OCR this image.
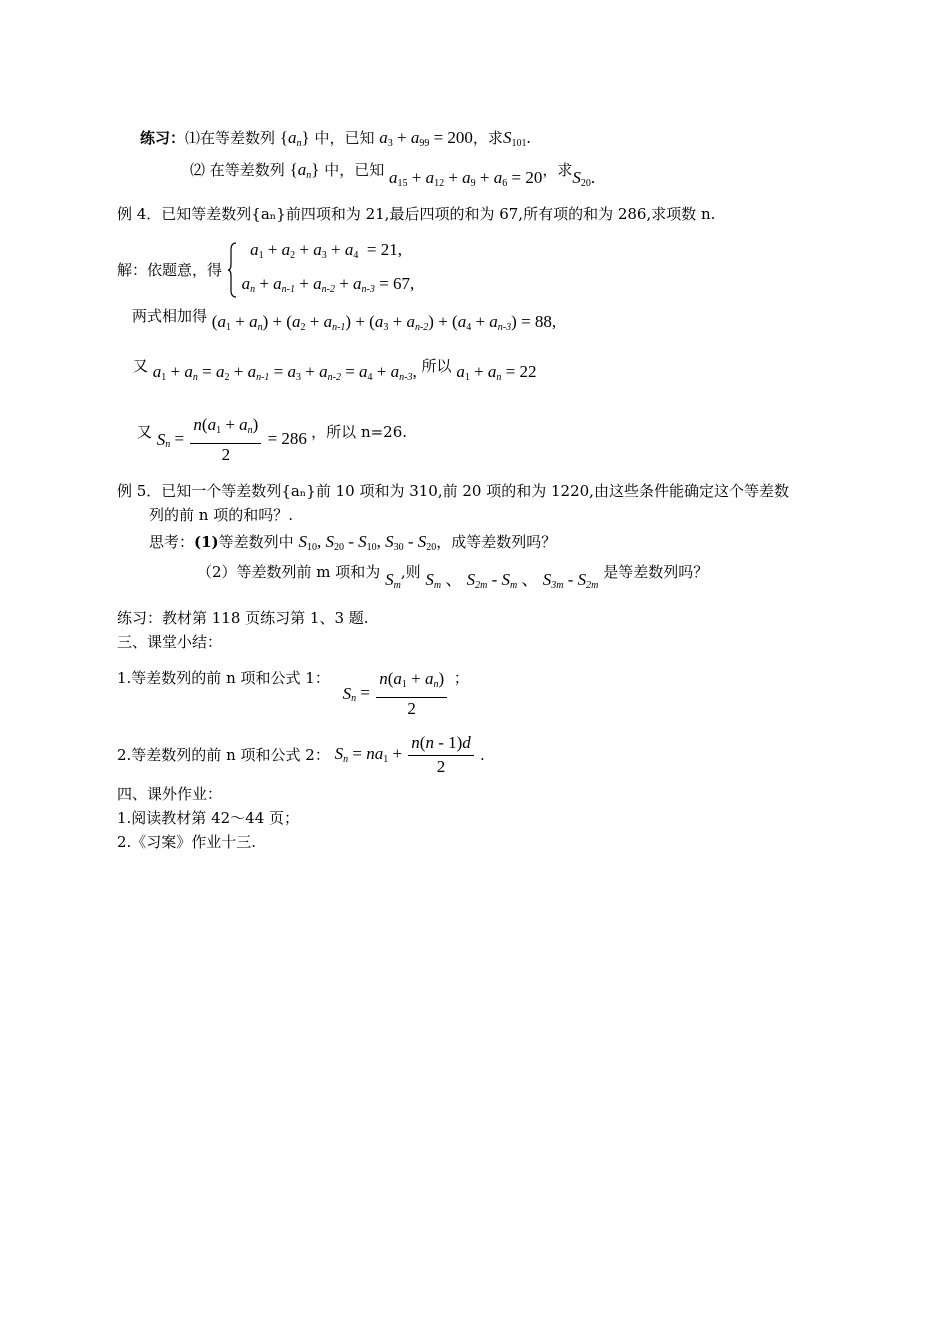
练习：⑴在等差数列 $\{a_n\}$ 中，已知 $a_3 + a_{99} = 200$，求$S_{101}$.
⑵ 在等差数列 $\{a_n\}$ 中，已知 $a_{15} + a_{12} + a_9 + a_6 = 20$，求$S_{20}$.
例 4．已知等差数列{aₙ}前四项和为 21,最后四项的和为 67,所有项的和为 286,求项数 n.
解：依题意，得
$a_1 + a_2 + a_3 + a_4 = 21$,
$a_n + a_{n-1} + a_{n-2} + a_{n-3} = 67$,
两式相加得 $(a_1 + a_n) + (a_2 + a_{n-1}) + (a_3 + a_{n-2}) + (a_4 + a_{n-3}) = 88$,
又 $a_1 + a_n = a_2 + a_{n-1} = a_3 + a_{n-2} = a_4 + a_{n-3}$, 所以 $a_1 + a_n = 22$
又 $S_n = \frac{n(a_1 + a_n)}{2} = 286$ ，所以 n=26.
例 5．已知一个等差数列{aₙ}前 10 项和为 310,前 20 项的和为 1220,由这些条件能确定这个等差数
列的前 n 项的和吗？.
思考：(1)等差数列中 $S_{10}$, $S_{20} - S_{10}$, $S_{30} - S_{20}$，成等差数列吗？
（2）等差数列前 m 项和为 $S_m$,则 $S_m$ 、 $S_{2m} - S_m$ 、 $S_{3m} - S_{2m}$ 是等差数列吗？
练习：教材第 118 页练习第 1、3 题.
三、课堂小结：
1.等差数列的前 n 项和公式 1： $S_n = \frac{n(a_1 + a_n)}{2}$ ；
2.等差数列的前 n 项和公式 2： $S_n = na_1 + \frac{n(n - 1)d}{2}$ .
四、课外作业：
1.阅读教材第 42～44 页；
2.《习案》作业十三.
